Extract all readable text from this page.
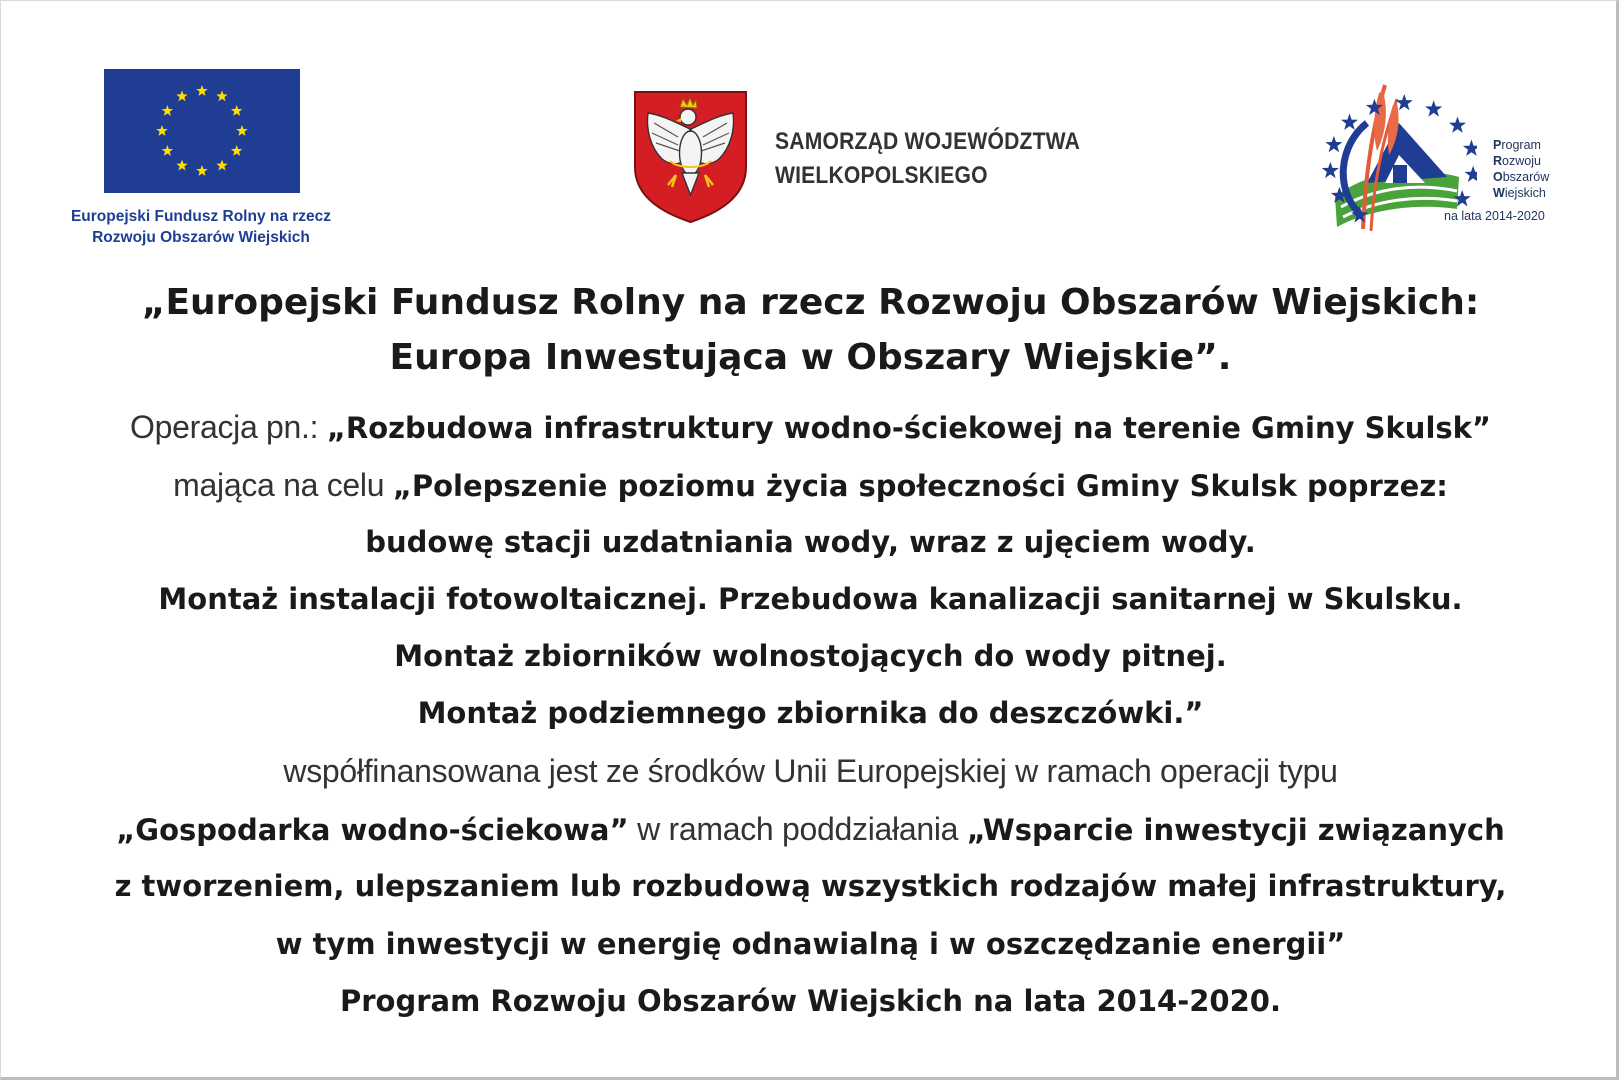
Europejski Fundusz Rolny na rzecz
Rozwoju Obszarów Wiejskich
SAMORZĄD WOJEWÓDZTWA
WIELKOPOLSKIEGO
Program
Rozwoju
Obszarów
Wiejskich
na lata 2014-2020
„Europejski Fundusz Rolny na rzecz Rozwoju Obszarów Wiejskich:
Europa Inwestująca w Obszary Wiejskie”.
Operacja pn.: „Rozbudowa infrastruktury wodno-ściekowej na terenie Gminy Skulsk”
mająca na celu „Polepszenie poziomu życia społeczności Gminy Skulsk poprzez:
budowę stacji uzdatniania wody, wraz z ujęciem wody.
Montaż instalacji fotowoltaicznej. Przebudowa kanalizacji sanitarnej w Skulsku.
Montaż zbiorników wolnostojących do wody pitnej.
Montaż podziemnego zbiornika do deszczówki.”
współfinansowana jest ze środków Unii Europejskiej w ramach operacji typu
„Gospodarka wodno-ściekowa” w ramach poddziałania „Wsparcie inwestycji związanych
z tworzeniem, ulepszaniem lub rozbudową wszystkich rodzajów małej infrastruktury,
w tym inwestycji w energię odnawialną i w oszczędzanie energii”
Program Rozwoju Obszarów Wiejskich na lata 2014-2020.
